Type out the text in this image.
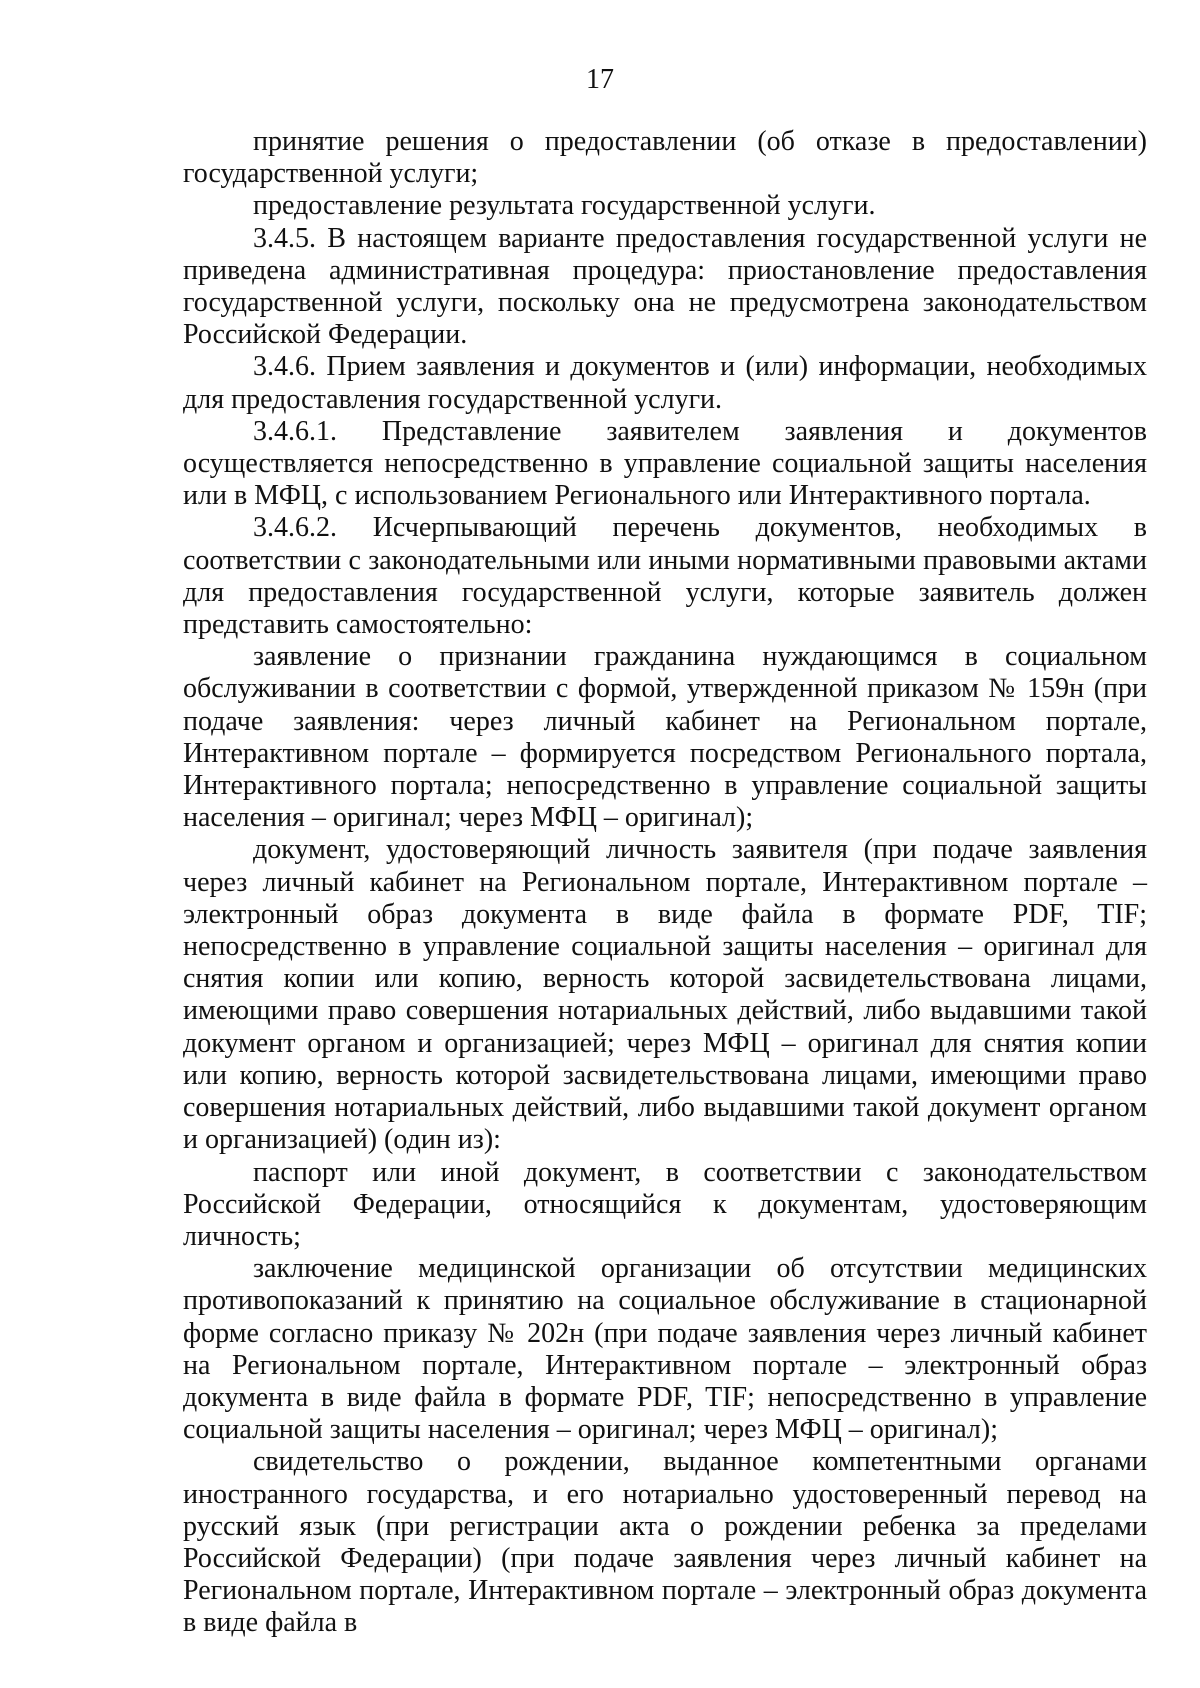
17

принятие решения о предоставлении (об отказе в предоставлении) государственной услуги;

предоставление результата государственной услуги.

3.4.5. В настоящем варианте предоставления государственной услуги не приведена административная процедура: приостановление предоставления государственной услуги, поскольку она не предусмотрена законодательством Российской Федерации.

3.4.6. Прием заявления и документов и (или) информации, необходимых для предоставления государственной услуги.

3.4.6.1. Представление заявителем заявления и документов осуществляется непосредственно в управление социальной защиты населения или в МФЦ, с использованием Регионального или Интерактивного портала.

3.4.6.2. Исчерпывающий перечень документов, необходимых в соответствии с законодательными или иными нормативными правовыми актами для предоставления государственной услуги, которые заявитель должен представить самостоятельно:

заявление о признании гражданина нуждающимся в социальном обслуживании в соответствии с формой, утвержденной приказом № 159н (при подаче заявления: через личный кабинет на Региональном портале, Интерактивном портале – формируется посредством Регионального портала, Интерактивного портала; непосредственно в управление социальной защиты населения – оригинал; через МФЦ – оригинал);

документ, удостоверяющий личность заявителя (при подаче заявления через личный кабинет на Региональном портале, Интерактивном портале – электронный образ документа в виде файла в формате PDF, TIF; непосредственно в управление социальной защиты населения – оригинал для снятия копии или копию, верность которой засвидетельствована лицами, имеющими право совершения нотариальных действий, либо выдавшими такой документ органом и организацией; через МФЦ – оригинал для снятия копии или копию, верность которой засвидетельствована лицами, имеющими право совершения нотариальных действий, либо выдавшими такой документ органом и организацией) (один из):

паспорт или иной документ, в соответствии с законодательством Российской Федерации, относящийся к документам, удостоверяющим личность;

заключение медицинской организации об отсутствии медицинских противопоказаний к принятию на социальное обслуживание в стационарной форме согласно приказу № 202н (при подаче заявления через личный кабинет на Региональном портале, Интерактивном портале – электронный образ документа в виде файла в формате PDF, TIF; непосредственно в управление социальной защиты населения – оригинал; через МФЦ – оригинал);

свидетельство о рождении, выданное компетентными органами иностранного государства, и его нотариально удостоверенный перевод на русский язык (при регистрации акта о рождении ребенка за пределами Российской Федерации) (при подаче заявления через личный кабинет на Региональном портале, Интерактивном портале – электронный образ документа в виде файла в
